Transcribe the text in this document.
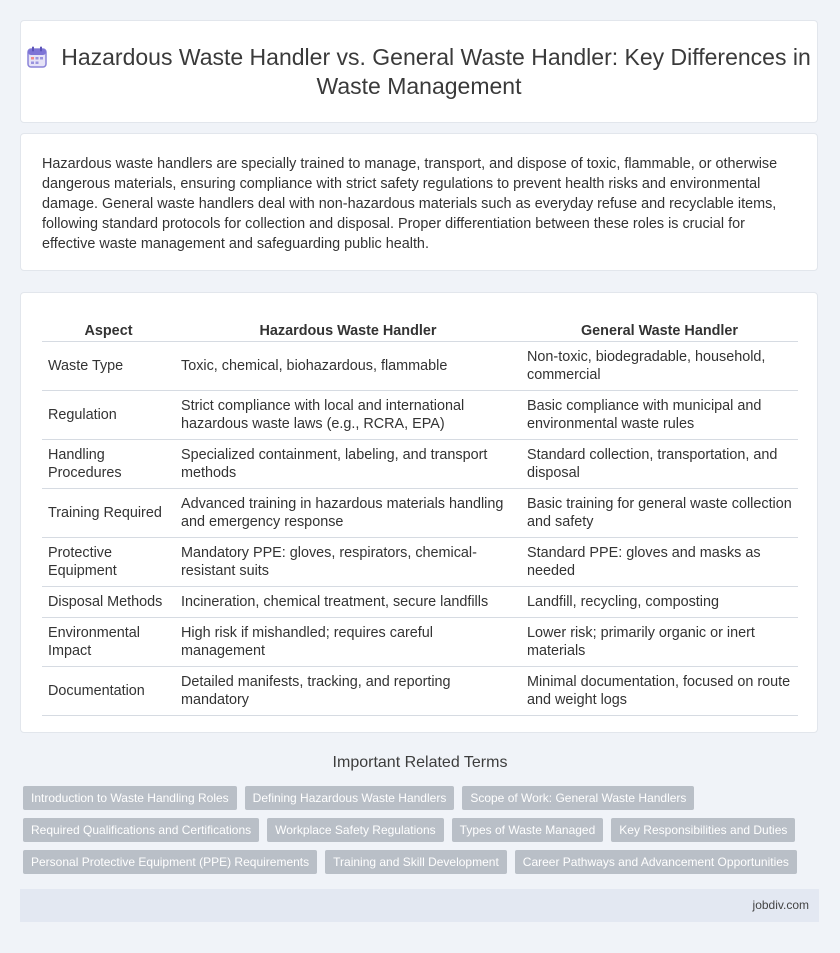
Hazardous Waste Handler vs. General Waste Handler: Key Differences in Waste Management

Hazardous waste handlers are specially trained to manage, transport, and dispose of toxic, flammable, or otherwise dangerous materials, ensuring compliance with strict safety regulations to prevent health risks and environmental damage. General waste handlers deal with non-hazardous materials such as everyday refuse and recyclable items, following standard protocols for collection and disposal. Proper differentiation between these roles is crucial for effective waste management and safeguarding public health.

Aspect	Hazardous Waste Handler	General Waste Handler
Waste Type	Toxic, chemical, biohazardous, flammable	Non-toxic, biodegradable, household, commercial
Regulation	Strict compliance with local and international hazardous waste laws (e.g., RCRA, EPA)	Basic compliance with municipal and environmental waste rules
Handling Procedures	Specialized containment, labeling, and transport methods	Standard collection, transportation, and disposal
Training Required	Advanced training in hazardous materials handling and emergency response	Basic training for general waste collection and safety
Protective Equipment	Mandatory PPE: gloves, respirators, chemical-resistant suits	Standard PPE: gloves and masks as needed
Disposal Methods	Incineration, chemical treatment, secure landfills	Landfill, recycling, composting
Environmental Impact	High risk if mishandled; requires careful management	Lower risk; primarily organic or inert materials
Documentation	Detailed manifests, tracking, and reporting mandatory	Minimal documentation, focused on route and weight logs
Important Related Terms
Introduction to Waste Handling Roles	Defining Hazardous Waste Handlers	Scope of Work: General Waste Handlers
Required Qualifications and Certifications	Workplace Safety Regulations	Types of Waste Managed	Key Responsibilities and Duties
Personal Protective Equipment (PPE) Requirements	Training and Skill Development	Career Pathways and Advancement Opportunities
jobdiv.com
